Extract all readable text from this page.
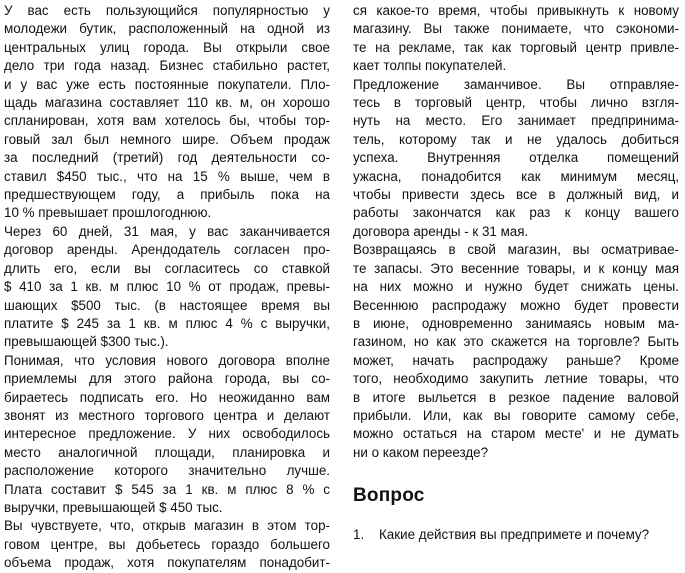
У вас есть пользующийся популярностью у
молодежи бутик, расположенный на одной из
центральных улиц города. Вы открыли свое
дело три года назад. Бизнес стабильно растет,
и у вас уже есть постоянные покупатели. Пло-
щадь магазина составляет 110 кв. м, он хорошо
спланирован, хотя вам хотелось бы, чтобы тор-
говый зал был немного шире. Объем продаж
за последний (третий) год деятельности со-
ставил $450 тыс., что на 15 % выше, чем в
предшествующем году, а прибыль пока на
10 % превышает прошлогоднюю.
Через 60 дней, 31 мая, у вас заканчивается
договор аренды. Арендодатель согласен про-
длить его, если вы согласитесь со ставкой
$ 410 за 1 кв. м плюс 10 % от продаж, превы-
шающих $500 тыс. (в настоящее время вы
платите $ 245 за 1 кв. м плюс 4 % с выручки,
превышающей $300 тыс.).
Понимая, что условия нового договора вполне
приемлемы для этого района города, вы со-
бираетесь подписать его. Но неожиданно вам
звонят из местного торгового центра и делают
интересное предложение. У них освободилось
место аналогичной площади, планировка и
расположение которого значительно лучше.
Плата составит $ 545 за 1 кв. м плюс 8 % с
выручки, превышающей $ 450 тыс.
Вы чувствуете, что, открыв магазин в этом тор-
говом центре, вы добьетесь гораздо большего
объема продаж, хотя покупателям понадобит-
ся какое-то время, чтобы привыкнуть к новому
магазину. Вы также понимаете, что сэкономи-
те на рекламе, так как торговый центр привле-
кает толпы покупателей.
Предложение заманчивое. Вы отправляе-
тесь в торговый центр, чтобы лично взгля-
нуть на место. Его занимает предпринима-
тель, которому так и не удалось добиться
успеха. Внутренняя отделка помещений
ужасна, понадобится как минимум месяц,
чтобы привести здесь все в должный вид, и
работы закончатся как раз к концу вашего
договора аренды - к 31 мая.
Возвращаясь в свой магазин, вы осматривае-
те запасы. Это весенние товары, и к концу мая
на них можно и нужно будет снижать цены.
Весеннюю распродажу можно будет провести
в июне, одновременно занимаясь новым ма-
газином, но как это скажется на торговле? Быть
может, начать распродажу раньше? Кроме
того, необходимо закупить летние товары, что
в итоге выльется в резкое падение валовой
прибыли. Или, как вы говорите самому себе,
можно остаться на старом месте' и не думать
ни о каком переезде?
Вопрос
1. Какие действия вы предпримете и почему?
